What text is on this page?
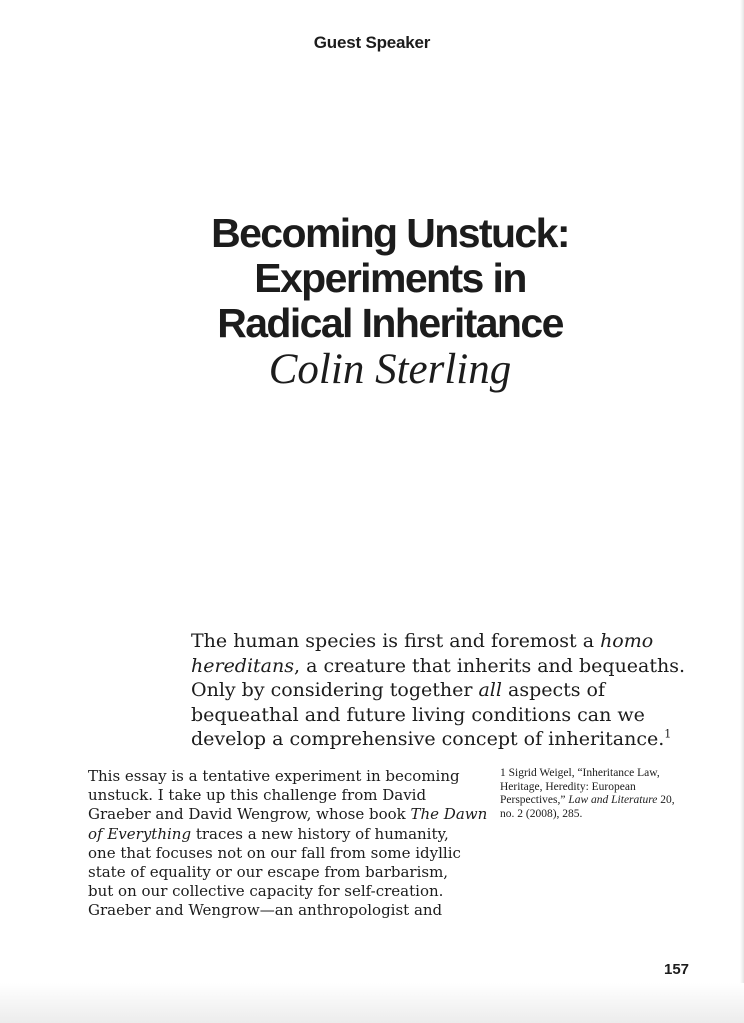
Guest Speaker
Becoming Unstuck:
Experiments in
Radical Inheritance
Colin Sterling
The human species is first and foremost a homo
hereditans, a creature that inherits and bequeaths.
Only by considering together all aspects of
bequeathal and future living conditions can we
develop a comprehensive concept of inheritance.$^1$
This essay is a tentative experiment in becoming
unstuck. I take up this challenge from David
Graeber and David Wengrow, whose book The Dawn
of Everything traces a new history of humanity,
one that focuses not on our fall from some idyllic
state of equality or our escape from barbarism,
but on our collective capacity for self-creation.
Graeber and Wengrow—an anthropologist and
1 Sigrid Weigel, “Inheritance Law,
Heritage, Heredity: European
Perspectives,” Law and Literature 20,
no. 2 (2008), 285.
157
